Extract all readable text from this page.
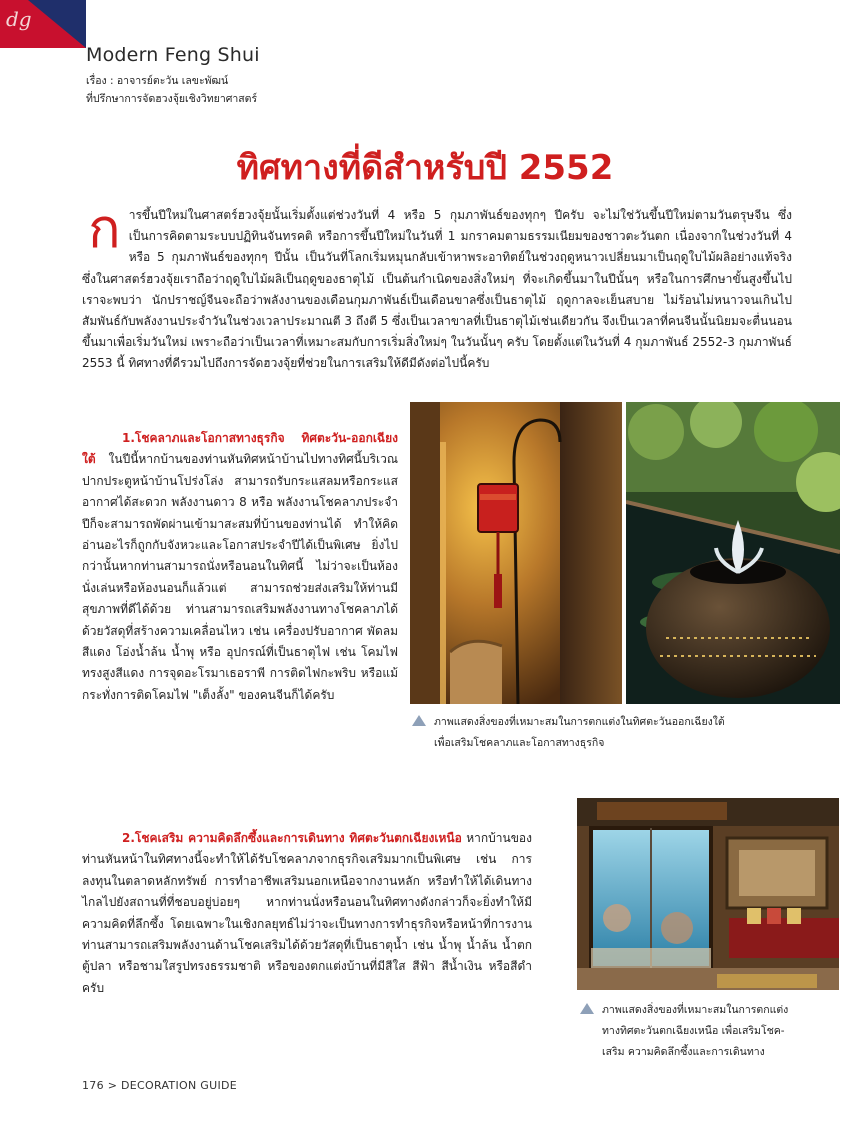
dg
Modern Feng Shui
เรื่อง : อาจารย์ตะวัน เลขะพัฒน์
ที่ปรึกษาการจัดฮวงจุ้ยเชิงวิทยาศาสตร์
ทิศทางที่ดีสำหรับปี 2552
ก ารขึ้นปีใหม่ในศาสตร์ฮวงจุ้ยนั้นเริ่มตั้งแต่ช่วงวันที่ 4 หรือ 5 กุมภาพันธ์ของทุกๆ ปีครับ จะไม่ใช่วันขึ้นปีใหม่ตามวันตรุษจีน ซึ่งเป็นการคิดตามระบบปฏิทินจันทรคติ หรือการขึ้นปีใหม่ในวันที่ 1 มกราคมตามธรรมเนียมของชาวตะวันตก เนื่องจากในช่วงวันที่ 4 หรือ 5 กุมภาพันธ์ของทุกๆ ปีนั้น เป็นวันที่โลกเริ่มหมุนกลับเข้าหาพระอาทิตย์ในช่วงฤดูหนาวเปลี่ยนมาเป็นฤดูใบไม้ผลิอย่างแท้จริง ซึ่งในศาสตร์ฮวงจุ้ยเราถือว่าฤดูใบไม้ผลิเป็นฤดูของธาตุไม้ เป็นต้นกำเนิดของสิ่งใหม่ๆ ที่จะเกิดขึ้นมาในปีนั้นๆ หรือในการศึกษาขั้นสูงขึ้นไปเราจะพบว่า นักปราชญ์จีนจะถือว่าพลังงานของเดือนกุมภาพันธ์เป็นเดือนขาลซึ่งเป็นธาตุไม้ ฤดูกาลจะเย็นสบาย ไม่ร้อนไม่หนาวจนเกินไป สัมพันธ์กับพลังงานประจำวันในช่วงเวลาประมาณตี 3 ถึงตี 5 ซึ่งเป็นเวลาขาลที่เป็นธาตุไม้เช่นเดียวกัน จึงเป็นเวลาที่คนจีนนั้นนิยมจะตื่นนอนขึ้นมาเพื่อเริ่มวันใหม่ เพราะถือว่าเป็นเวลาที่เหมาะสมกับการเริ่มสิ่งใหม่ๆ ในวันนั้นๆ ครับ โดยตั้งแต่ในวันที่ 4 กุมภาพันธ์ 2552-3 กุมภาพันธ์ 2553 นี้ ทิศทางที่ดีรวมไปถึงการจัดฮวงจุ้ยที่ช่วยในการเสริมให้ดีมีดังต่อไปนี้ครับ

1.โชคลาภและโอกาสทางธุรกิจ ทิศตะวัน-ออกเฉียงใต้ ในปีนี้หากบ้านของท่านหันทิศหน้าบ้านไปทางทิศนี้บริเวณปากประตูหน้าบ้านโปร่งโล่ง สามารถรับกระแสลมหรือกระแสอากาศได้สะดวก พลังงานดาว 8 หรือ พลังงานโชคลาภประจำปีก็จะสามารถพัดผ่านเข้ามาสะสมที่บ้านของท่านได้ ทำให้คิดอ่านอะไรก็ถูกกับจังหวะและโอกาสประจำปีได้เป็นพิเศษ ยิ่งไปกว่านั้นหากท่านสามารถนั่งหรือนอนในทิศนี้ ไม่ว่าจะเป็นห้องนั่งเล่นหรือห้องนอนก็แล้วแต่ สามารถช่วยส่งเสริมให้ท่านมีสุขภาพที่ดีได้ด้วย ท่านสามารถเสริมพลังงานทางโชคลาภได้ด้วยวัสดุที่สร้างความเคลื่อนไหว เช่น เครื่องปรับอากาศ พัดลมสีแดง โอ่งน้ำล้น น้ำพุ หรือ อุปกรณ์ที่เป็นธาตุไฟ เช่น โคมไฟทรงสูงสีแดง การจุดอะโรมาเธอราพี การติดไฟกะพริบ หรือแม้กระทั่งการติดโคมไฟ "เต็งลั้ง" ของคนจีนก็ได้ครับ
ภาพแสดงสิ่งของที่เหมาะสมในการตกแต่งในทิศตะวันออกเฉียงใต้
เพื่อเสริมโชคลาภและโอกาสทางธุรกิจ
2.โชคเสริม ความคิดลึกซึ้งและการเดินทาง ทิศตะวันตกเฉียงเหนือ หากบ้านของท่านหันหน้าในทิศทางนี้จะทำให้ได้รับโชคลาภจากธุรกิจเสริมมากเป็นพิเศษ เช่น การลงทุนในตลาดหลักทรัพย์ การทำอาชีพเสริมนอกเหนือจากงานหลัก หรือทำให้ได้เดินทางไกลไปยังสถานที่ที่ชอบอยู่บ่อยๆ หากท่านนั่งหรือนอนในทิศทางดังกล่าวก็จะยิ่งทำให้มีความคิดที่ลึกซึ้ง โดยเฉพาะในเชิงกลยุทธ์ไม่ว่าจะเป็นทางการทำธุรกิจหรือหน้าที่การงาน ท่านสามารถเสริมพลังงานด้านโชคเสริมได้ด้วยวัสดุที่เป็นธาตุน้ำ เช่น น้ำพุ น้ำล้น น้ำตก ตู้ปลา หรือชามใสรูปทรงธรรมชาติ หรือของตกแต่งบ้านที่มีสีใส สีฟ้า สีน้ำเงิน หรือสีดำครับ
ภาพแสดงสิ่งของที่เหมาะสมในการตกแต่ง
ทางทิศตะวันตกเฉียงเหนือ เพื่อเสริมโชค-
เสริม ความคิดลึกซึ้งและการเดินทาง
176 > DECORATION GUIDE
